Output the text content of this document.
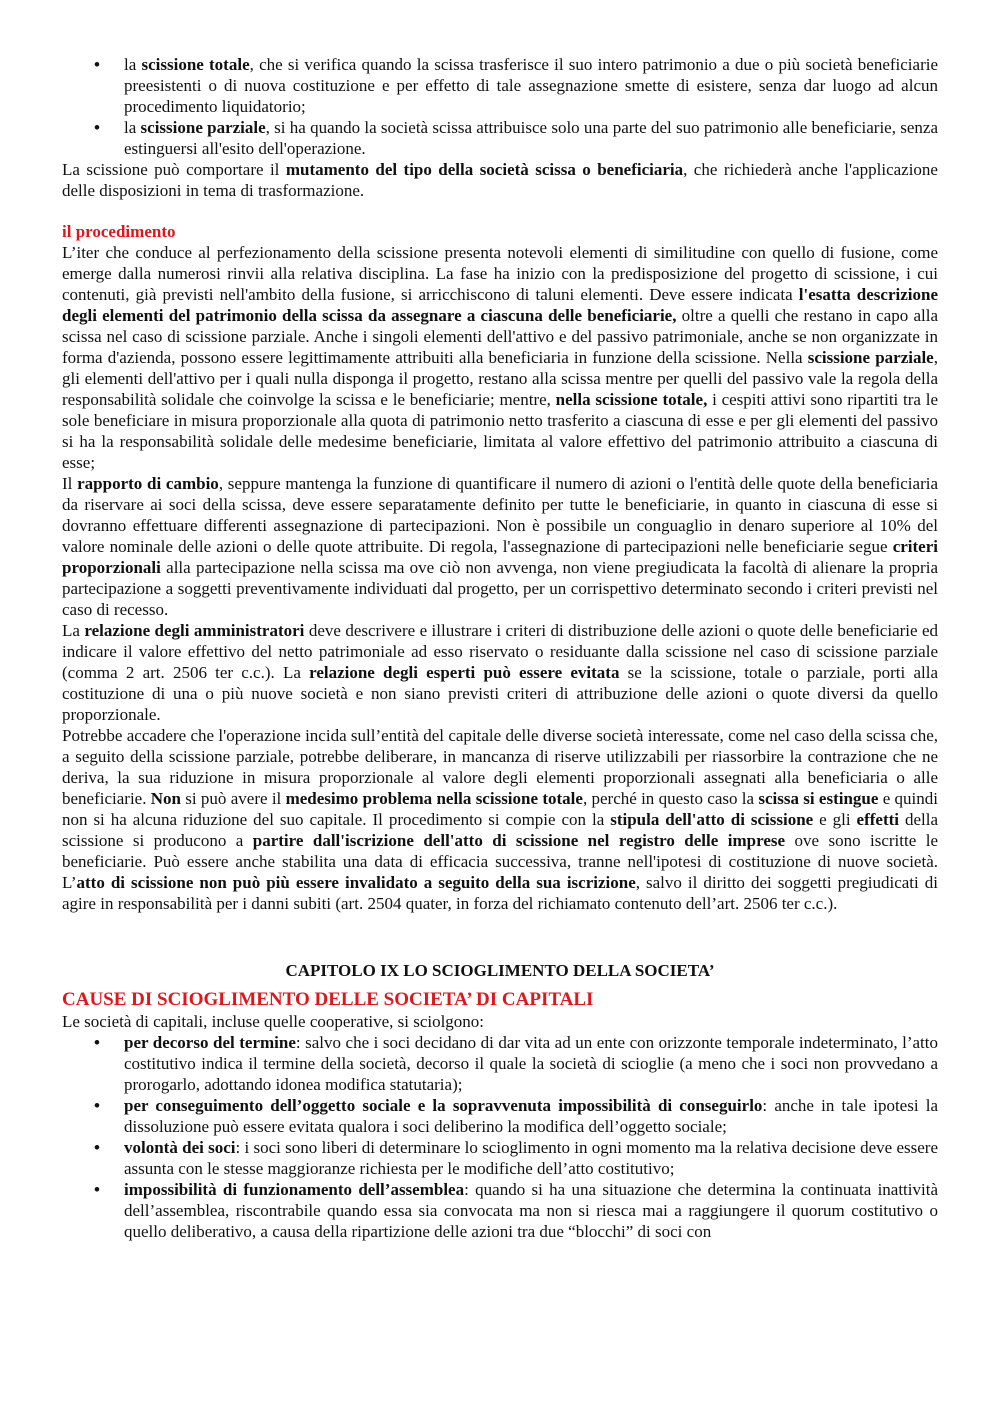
• la scissione totale, che si verifica quando la scissa trasferisce il suo intero patrimonio a due o più società beneficiarie preesistenti o di nuova costituzione e per effetto di tale assegnazione smette di esistere, senza dar luogo ad alcun procedimento liquidatorio;
• la scissione parziale, si ha quando la società scissa attribuisce solo una parte del suo patrimonio alle beneficiarie, senza estinguersi all'esito dell'operazione.

La scissione può comportare il mutamento del tipo della società scissa o beneficiaria, che richiederà anche l'applicazione delle disposizioni in tema di trasformazione.

il procedimento

L’iter che conduce al perfezionamento della scissione presenta notevoli elementi di similitudine con quello di fusione, come emerge dalla numerosi rinvii alla relativa disciplina. La fase ha inizio con la predisposizione del progetto di scissione, i cui contenuti, già previsti nell'ambito della fusione, si arricchiscono di taluni elementi. Deve essere indicata l'esatta descrizione degli elementi del patrimonio della scissa da assegnare a ciascuna delle beneficiarie, oltre a quelli che restano in capo alla scissa nel caso di scissione parziale. Anche i singoli elementi dell'attivo e del passivo patrimoniale, anche se non organizzate in forma d'azienda, possono essere legittimamente attribuiti alla beneficiaria in funzione della scissione. Nella scissione parziale, gli elementi dell'attivo per i quali nulla disponga il progetto, restano alla scissa mentre per quelli del passivo vale la regola della responsabilità solidale che coinvolge la scissa e le beneficiarie; mentre, nella scissione totale, i cespiti attivi sono ripartiti tra le sole beneficiare in misura proporzionale alla quota di patrimonio netto trasferito a ciascuna di esse e per gli elementi del passivo si ha la responsabilità solidale delle medesime beneficiarie, limitata al valore effettivo del patrimonio attribuito a ciascuna di esse;

Il rapporto di cambio, seppure mantenga la funzione di quantificare il numero di azioni o l'entità delle quote della beneficiaria da riservare ai soci della scissa, deve essere separatamente definito per tutte le beneficiarie, in quanto in ciascuna di esse si dovranno effettuare differenti assegnazione di partecipazioni. Non è possibile un conguaglio in denaro superiore al 10% del valore nominale delle azioni o delle quote attribuite. Di regola, l'assegnazione di partecipazioni nelle beneficiarie segue criteri proporzionali alla partecipazione nella scissa ma ove ciò non avvenga, non viene pregiudicata la facoltà di alienare la propria partecipazione a soggetti preventivamente individuati dal progetto, per un corrispettivo determinato secondo i criteri previsti nel caso di recesso.

La relazione degli amministratori deve descrivere e illustrare i criteri di distribuzione delle azioni o quote delle beneficiarie ed indicare il valore effettivo del netto patrimoniale ad esso riservato o residuante dalla scissione nel caso di scissione parziale (comma 2 art. 2506 ter c.c.). La relazione degli esperti può essere evitata se la scissione, totale o parziale, porti alla costituzione di una o più nuove società e non siano previsti criteri di attribuzione delle azioni o quote diversi da quello proporzionale.

Potrebbe accadere che l'operazione incida sull’entità del capitale delle diverse società interessate, come nel caso della scissa che, a seguito della scissione parziale, potrebbe deliberare, in mancanza di riserve utilizzabili per riassorbire la contrazione che ne deriva, la sua riduzione in misura proporzionale al valore degli elementi proporzionali assegnati alla beneficiaria o alle beneficiarie. Non si può avere il medesimo problema nella scissione totale, perché in questo caso la scissa si estingue e quindi non si ha alcuna riduzione del suo capitale. Il procedimento si compie con la stipula dell'atto di scissione e gli effetti della scissione si producono a partire dall'iscrizione dell'atto di scissione nel registro delle imprese ove sono iscritte le beneficiarie. Può essere anche stabilita una data di efficacia successiva, tranne nell'ipotesi di costituzione di nuove società. L’atto di scissione non può più essere invalidato a seguito della sua iscrizione, salvo il diritto dei soggetti pregiudicati di agire in responsabilità per i danni subiti (art. 2504 quater, in forza del richiamato contenuto dell’art. 2506 ter c.c.).

CAPITOLO IX LO SCIOGLIMENTO DELLA SOCIETA’

CAUSE DI SCIOGLIMENTO DELLE SOCIETA’ DI CAPITALI

Le società di capitali, incluse quelle cooperative, si sciolgono:

• per decorso del termine: salvo che i soci decidano di dar vita ad un ente con orizzonte temporale indeterminato, l’atto costitutivo indica il termine della società, decorso il quale la società di scioglie (a meno che i soci non provvedano a prorogarlo, adottando idonea modifica statutaria);
• per conseguimento dell’oggetto sociale e la sopravvenuta impossibilità di conseguirlo: anche in tale ipotesi la dissoluzione può essere evitata qualora i soci deliberino la modifica dell’oggetto sociale;
• volontà dei soci: i soci sono liberi di determinare lo scioglimento in ogni momento ma la relativa decisione deve essere assunta con le stesse maggioranze richiesta per le modifiche dell’atto costitutivo;
• impossibilità di funzionamento dell’assemblea: quando si ha una situazione che determina la continuata inattività dell’assemblea, riscontrabile quando essa sia convocata ma non si riesca mai a raggiungere il quorum costitutivo o quello deliberativo, a causa della ripartizione delle azioni tra due “blocchi” di soci con
